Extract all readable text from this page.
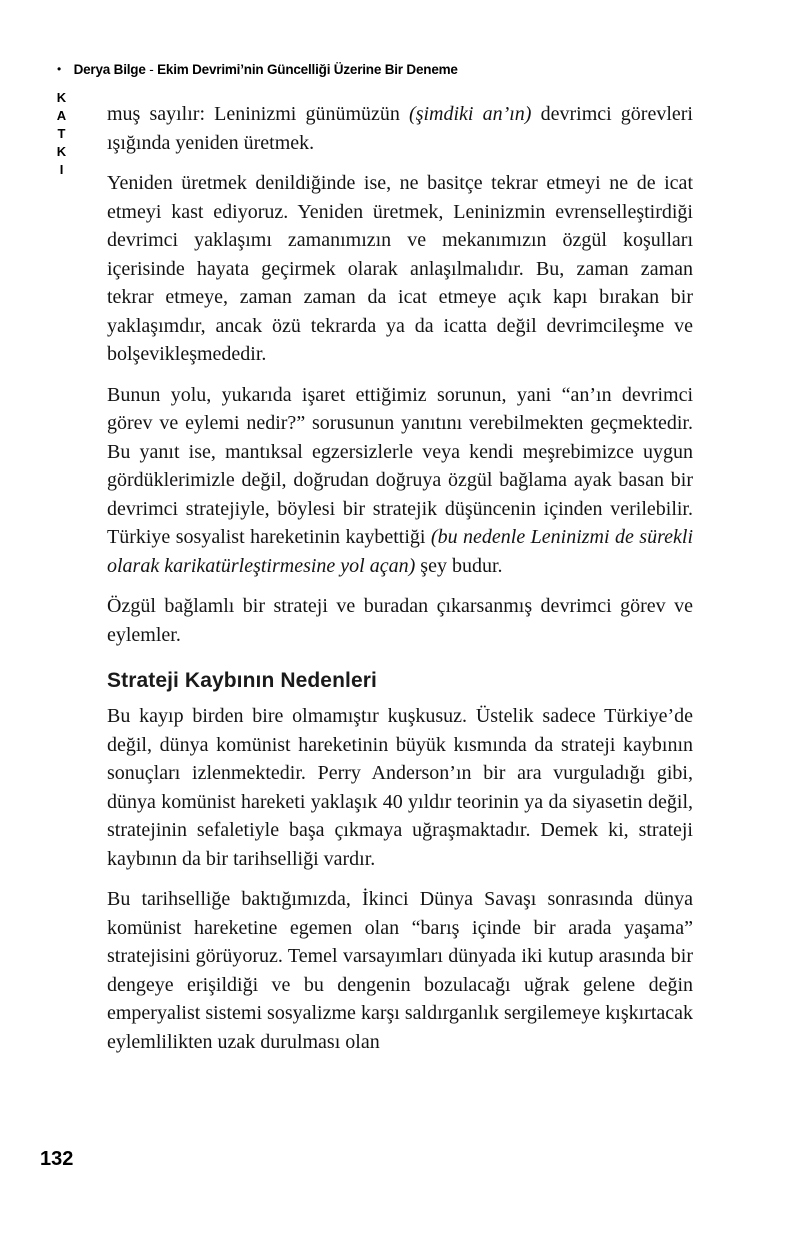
• Derya Bilge - Ekim Devrimi’nin Güncelliği Üzerine Bir Deneme
KATKI muş sayılır: Leninizmi günümüzün (şimdiki an’ın) devrimci görevleri ışığında yeniden üretmek.

Yeniden üretmek denildiğinde ise, ne basitçe tekrar etmeyi ne de icat etmeyi kast ediyoruz. Yeniden üretmek, Leninizmin evrenselleştirdiği devrimci yaklaşımı zamanımızın ve mekanımızın özgül koşulları içerisinde hayata geçirmek olarak anlaşılmalıdır. Bu, zaman zaman tekrar etmeye, zaman zaman da icat etmeye açık kapı bırakan bir yaklaşımdır, ancak özü tekrarda ya da icatta değil devrimcileşme ve bolşevikleşmededir.

Bunun yolu, yukarıda işaret ettiğimiz sorunun, yani “an’ın devrimci görev ve eylemi nedir?” sorusunun yanıtını verebilmekten geçmektedir. Bu yanıt ise, mantıksal egzersizlerle veya kendi meşrebimizce uygun gördüklerimizle değil, doğrudan doğruya özgül bağlama ayak basan bir devrimci stratejiyle, böylesi bir stratejik düşüncenin içinden verilebilir. Türkiye sosyalist hareketinin kaybettiği (bu nedenle Leninizmi de sürekli olarak karikatürleştirmesine yol açan) şey budur.

Özgül bağlamlı bir strateji ve buradan çıkarsanmış devrimci görev ve eylemler.

Strateji Kaybının Nedenleri

Bu kayıp birden bire olmamıştır kuşkusuz. Üstelik sadece Türkiye’de değil, dünya komünist hareketinin büyük kısmında da strateji kaybının sonuçları izlenmektedir. Perry Anderson’ın bir ara vurguladığı gibi, dünya komünist hareketi yaklaşık 40 yıldır teorinin ya da siyasetin değil, stratejinin sefaletiyle başa çıkmaya uğraşmaktadır. Demek ki, strateji kaybının da bir tarihselliği vardır.

Bu tarihselliğe baktığımızda, İkinci Dünya Savaşı sonrasında dünya komünist hareketine egemen olan “barış içinde bir arada yaşama” stratejisini görüyoruz. Temel varsayımları dünyada iki kutup arasında bir dengeye erişildiği ve bu dengenin bozulacağı uğrak gelene değin emperyalist sistemi sosyalizme karşı saldırganlık sergilemeye kışkırtacak eylemlilikten uzak durulması olan

132
